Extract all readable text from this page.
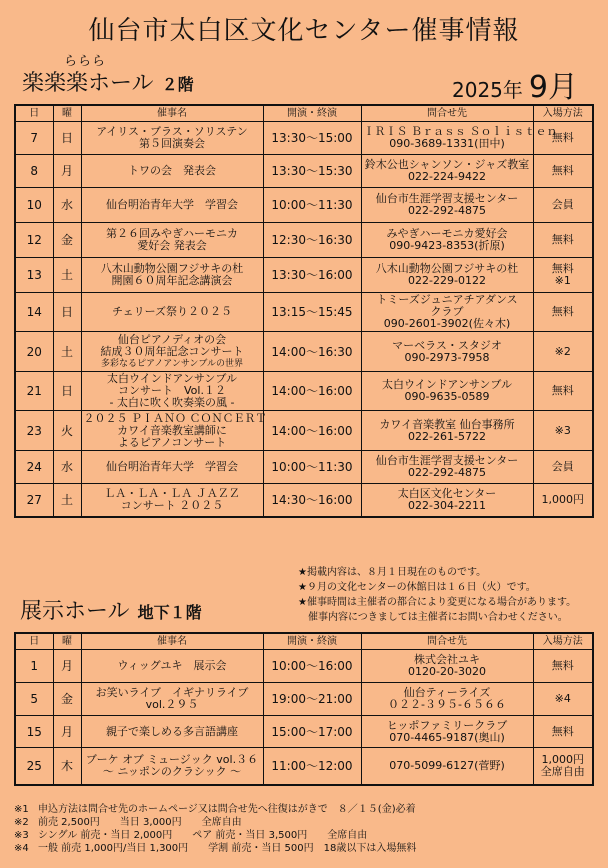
仙台市太白区文化センター催事情報
ららら
楽楽楽ホール ２階	2025年 9月
日	曜	催事名	開演・終演	問合せ先	入場方法
7	日	アイリス・ブラス・ソリステン
第５回演奏会	13:30～15:00	ＩＲＩＳ Ｂｒａｓｓ Ｓｏｌｉｓｔｅｎ
090-3689-1331(田中)	無料

8	月	トワの会　発表会	13:30～15:30	鈴木公也シャンソン・ジャズ教室
022-224-9422	無料

10	水	仙台明治青年大学　学習会	10:00～11:30	仙台市生涯学習支援センター
022-292-4875	会員

12	金	第２６回みやぎハーモニカ
愛好会 発表会	12:30～16:30	みやぎハーモニカ愛好会
090-9423-8353(折原)	無料

13	土	八木山動物公園フジサキの杜
開園６０周年記念講演会	13:30～16:00	八木山動物公園フジサキの杜
022-229-0122	無料
※1

14	日	チェリーズ祭り２０２５	13:15～15:45	トミーズジュニアチアダンス
クラブ
090-2601-3902(佐々木)	無料

20	土	仙台ピアノディオの会
結成３０周年記念コンサート
多彩なるピアノアンサンブルの世界	14:00～16:30	マーベラス・スタジオ
090-2973-7958	※2

21	日	太白ウインドアンサンブル
コンサート　Vol.１２
- 太白に吹く吹奏楽の風 -	14:00～16:00	太白ウインドアンサンブル
090-9635-0589	無料

23	火	２０２５ ＰＩＡＮＯ ＣＯＮＣＥＲＴ
カワイ音楽教室講師に
よるピアノコンサート	14:00～16:00	カワイ音楽教室 仙台事務所
022-261-5722	※3

24	水	仙台明治青年大学　学習会	10:00～11:30	仙台市生涯学習支援センター
022-292-4875	会員

27	土	ＬＡ・ＬＡ・ＬＡ ＪＡＺＺ
コンサート ２０２５	14:30～16:00	太白区文化センター
022-304-2211	1,000円
★掲載内容は、８月１日現在のものです。
★９月の文化センターの休館日は１６日（火）です。
★催事時間は主催者の都合により変更になる場合があります。
催事内容につきましては主催者にお問い合わせください。
展示ホール 地下１階
日	曜	催事名	開演・終演	問合せ先	入場方法
1	月	ウィッグユキ　展示会	10:00～16:00	株式会社ユキ
0120-20-3020	無料

5	金	お笑いライブ　イギナリライブ
vol.２９５	19:00～21:00	仙台ティーライズ
０２２-３９５-６５６６	※4

15	月	親子で楽しめる多言語講座	15:00～17:00	ヒッポファミリークラブ
070-4465-9187(奥山)	無料

25	木	ブーケ オブ ミュージック vol.３６
～ ニッポンのクラシック ～	11:00～12:00	070-5099-6127(菅野)	1,000円
全席自由
※1 申込方法は問合せ先のホームページ又は問合せ先へ往復はがきで　８／１５(金)必着
※2 前売 2,500円　　当日 3,000円　　全席自由
※3 シングル 前売・当日 2,000円　　ペア 前売・当日 3,500円　　全席自由
※4 一般 前売 1,000円/当日 1,300円　　学割 前売・当日 500円　18歳以下は入場無料
